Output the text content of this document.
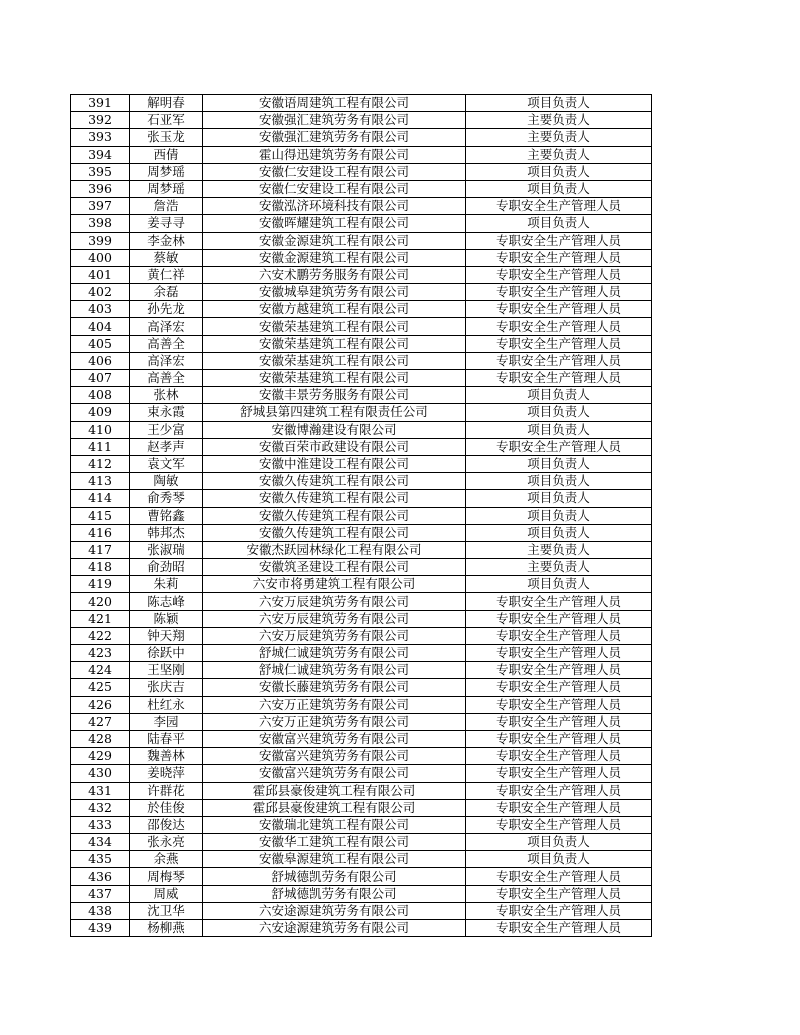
391	解明春	安徽语周建筑工程有限公司	项目负责人
392	石亚军	安徽强汇建筑劳务有限公司	主要负责人
393	张玉龙	安徽强汇建筑劳务有限公司	主要负责人
394	西倩	霍山得迅建筑劳务有限公司	主要负责人
395	周梦瑶	安徽仁安建设工程有限公司	项目负责人
396	周梦瑶	安徽仁安建设工程有限公司	项目负责人
397	詹浩	安徽泓济环境科技有限公司	专职安全生产管理人员
398	姜寻寻	安徽晖耀建筑工程有限公司	项目负责人
399	李金林	安徽金源建筑工程有限公司	专职安全生产管理人员
400	蔡敏	安徽金源建筑工程有限公司	专职安全生产管理人员
401	黄仁祥	六安术鹏劳务服务有限公司	专职安全生产管理人员
402	余磊	安徽城皋建筑劳务有限公司	专职安全生产管理人员
403	孙先龙	安徽方越建筑工程有限公司	专职安全生产管理人员
404	高泽宏	安徽荣基建筑工程有限公司	专职安全生产管理人员
405	高善全	安徽荣基建筑工程有限公司	专职安全生产管理人员
406	高泽宏	安徽荣基建筑工程有限公司	专职安全生产管理人员
407	高善全	安徽荣基建筑工程有限公司	专职安全生产管理人员
408	张林	安徽丰景劳务服务有限公司	项目负责人
409	束永霞	舒城县第四建筑工程有限责任公司	项目负责人
410	王少富	安徽博瀚建设有限公司	项目负责人
411	赵孝声	安徽百荣市政建设有限公司	专职安全生产管理人员
412	袁文军	安徽中淮建设工程有限公司	项目负责人
413	陶敏	安徽久传建筑工程有限公司	项目负责人
414	俞秀琴	安徽久传建筑工程有限公司	项目负责人
415	曹铭鑫	安徽久传建筑工程有限公司	项目负责人
416	韩邦杰	安徽久传建筑工程有限公司	项目负责人
417	张淑瑞	安徽杰跃园林绿化工程有限公司	主要负责人
418	俞劲昭	安徽筑圣建设工程有限公司	主要负责人
419	朱莉	六安市将勇建筑工程有限公司	项目负责人
420	陈志峰	六安万辰建筑劳务有限公司	专职安全生产管理人员
421	陈颖	六安万辰建筑劳务有限公司	专职安全生产管理人员
422	钟天翔	六安万辰建筑劳务有限公司	专职安全生产管理人员
423	徐跃中	舒城仁诚建筑劳务有限公司	专职安全生产管理人员
424	王坚刚	舒城仁诚建筑劳务有限公司	专职安全生产管理人员
425	张庆吉	安徽长藤建筑劳务有限公司	专职安全生产管理人员
426	杜红永	六安万正建筑劳务有限公司	专职安全生产管理人员
427	李园	六安万正建筑劳务有限公司	专职安全生产管理人员
428	陆春平	安徽富兴建筑劳务有限公司	专职安全生产管理人员
429	魏善林	安徽富兴建筑劳务有限公司	专职安全生产管理人员
430	姜晓萍	安徽富兴建筑劳务有限公司	专职安全生产管理人员
431	许群花	霍邱县豪俊建筑工程有限公司	专职安全生产管理人员
432	於佳俊	霍邱县豪俊建筑工程有限公司	专职安全生产管理人员
433	邵俊达	安徽瑞北建筑工程有限公司	专职安全生产管理人员
434	张永亮	安徽华工建筑工程有限公司	项目负责人
435	余燕	安徽皋源建筑工程有限公司	项目负责人
436	周梅琴	舒城德凯劳务有限公司	专职安全生产管理人员
437	周威	舒城德凯劳务有限公司	专职安全生产管理人员
438	沈卫华	六安途源建筑劳务有限公司	专职安全生产管理人员
439	杨柳燕	六安途源建筑劳务有限公司	专职安全生产管理人员
